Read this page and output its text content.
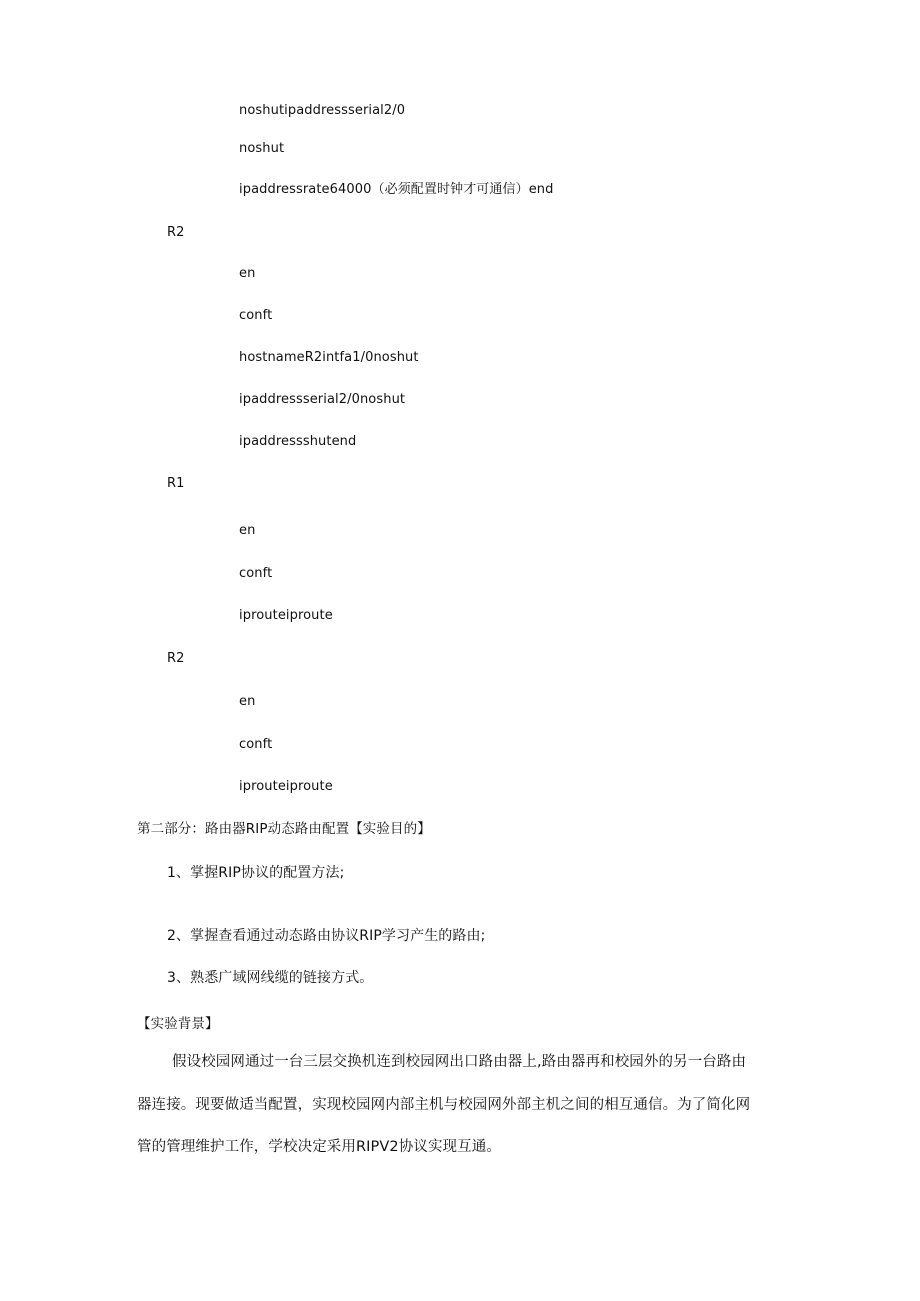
noshutipaddressserial2/0
noshut
ipaddressrate64000（必须配置时钟才可通信）end
R2
en
conft
hostnameR2intfa1/0noshut
ipaddressserial2/0noshut
ipaddressshutend
R1
en
conft
iprouteiproute
R2
en
conft
iprouteiproute
第二部分：路由器RIP动态路由配置【实验目的】
1、掌握RIP协议的配置方法;
2、掌握查看通过动态路由协议RIP学习产生的路由;
3、熟悉广域网线缆的链接方式。
【实验背景】
假设校园网通过一台三层交换机连到校园网出口路由器上,路由器再和校园外的另一台路由
器连接。现要做适当配置，实现校园网内部主机与校园网外部主机之间的相互通信。为了简化网
管的管理维护工作，学校决定采用RIPV2协议实现互通。
